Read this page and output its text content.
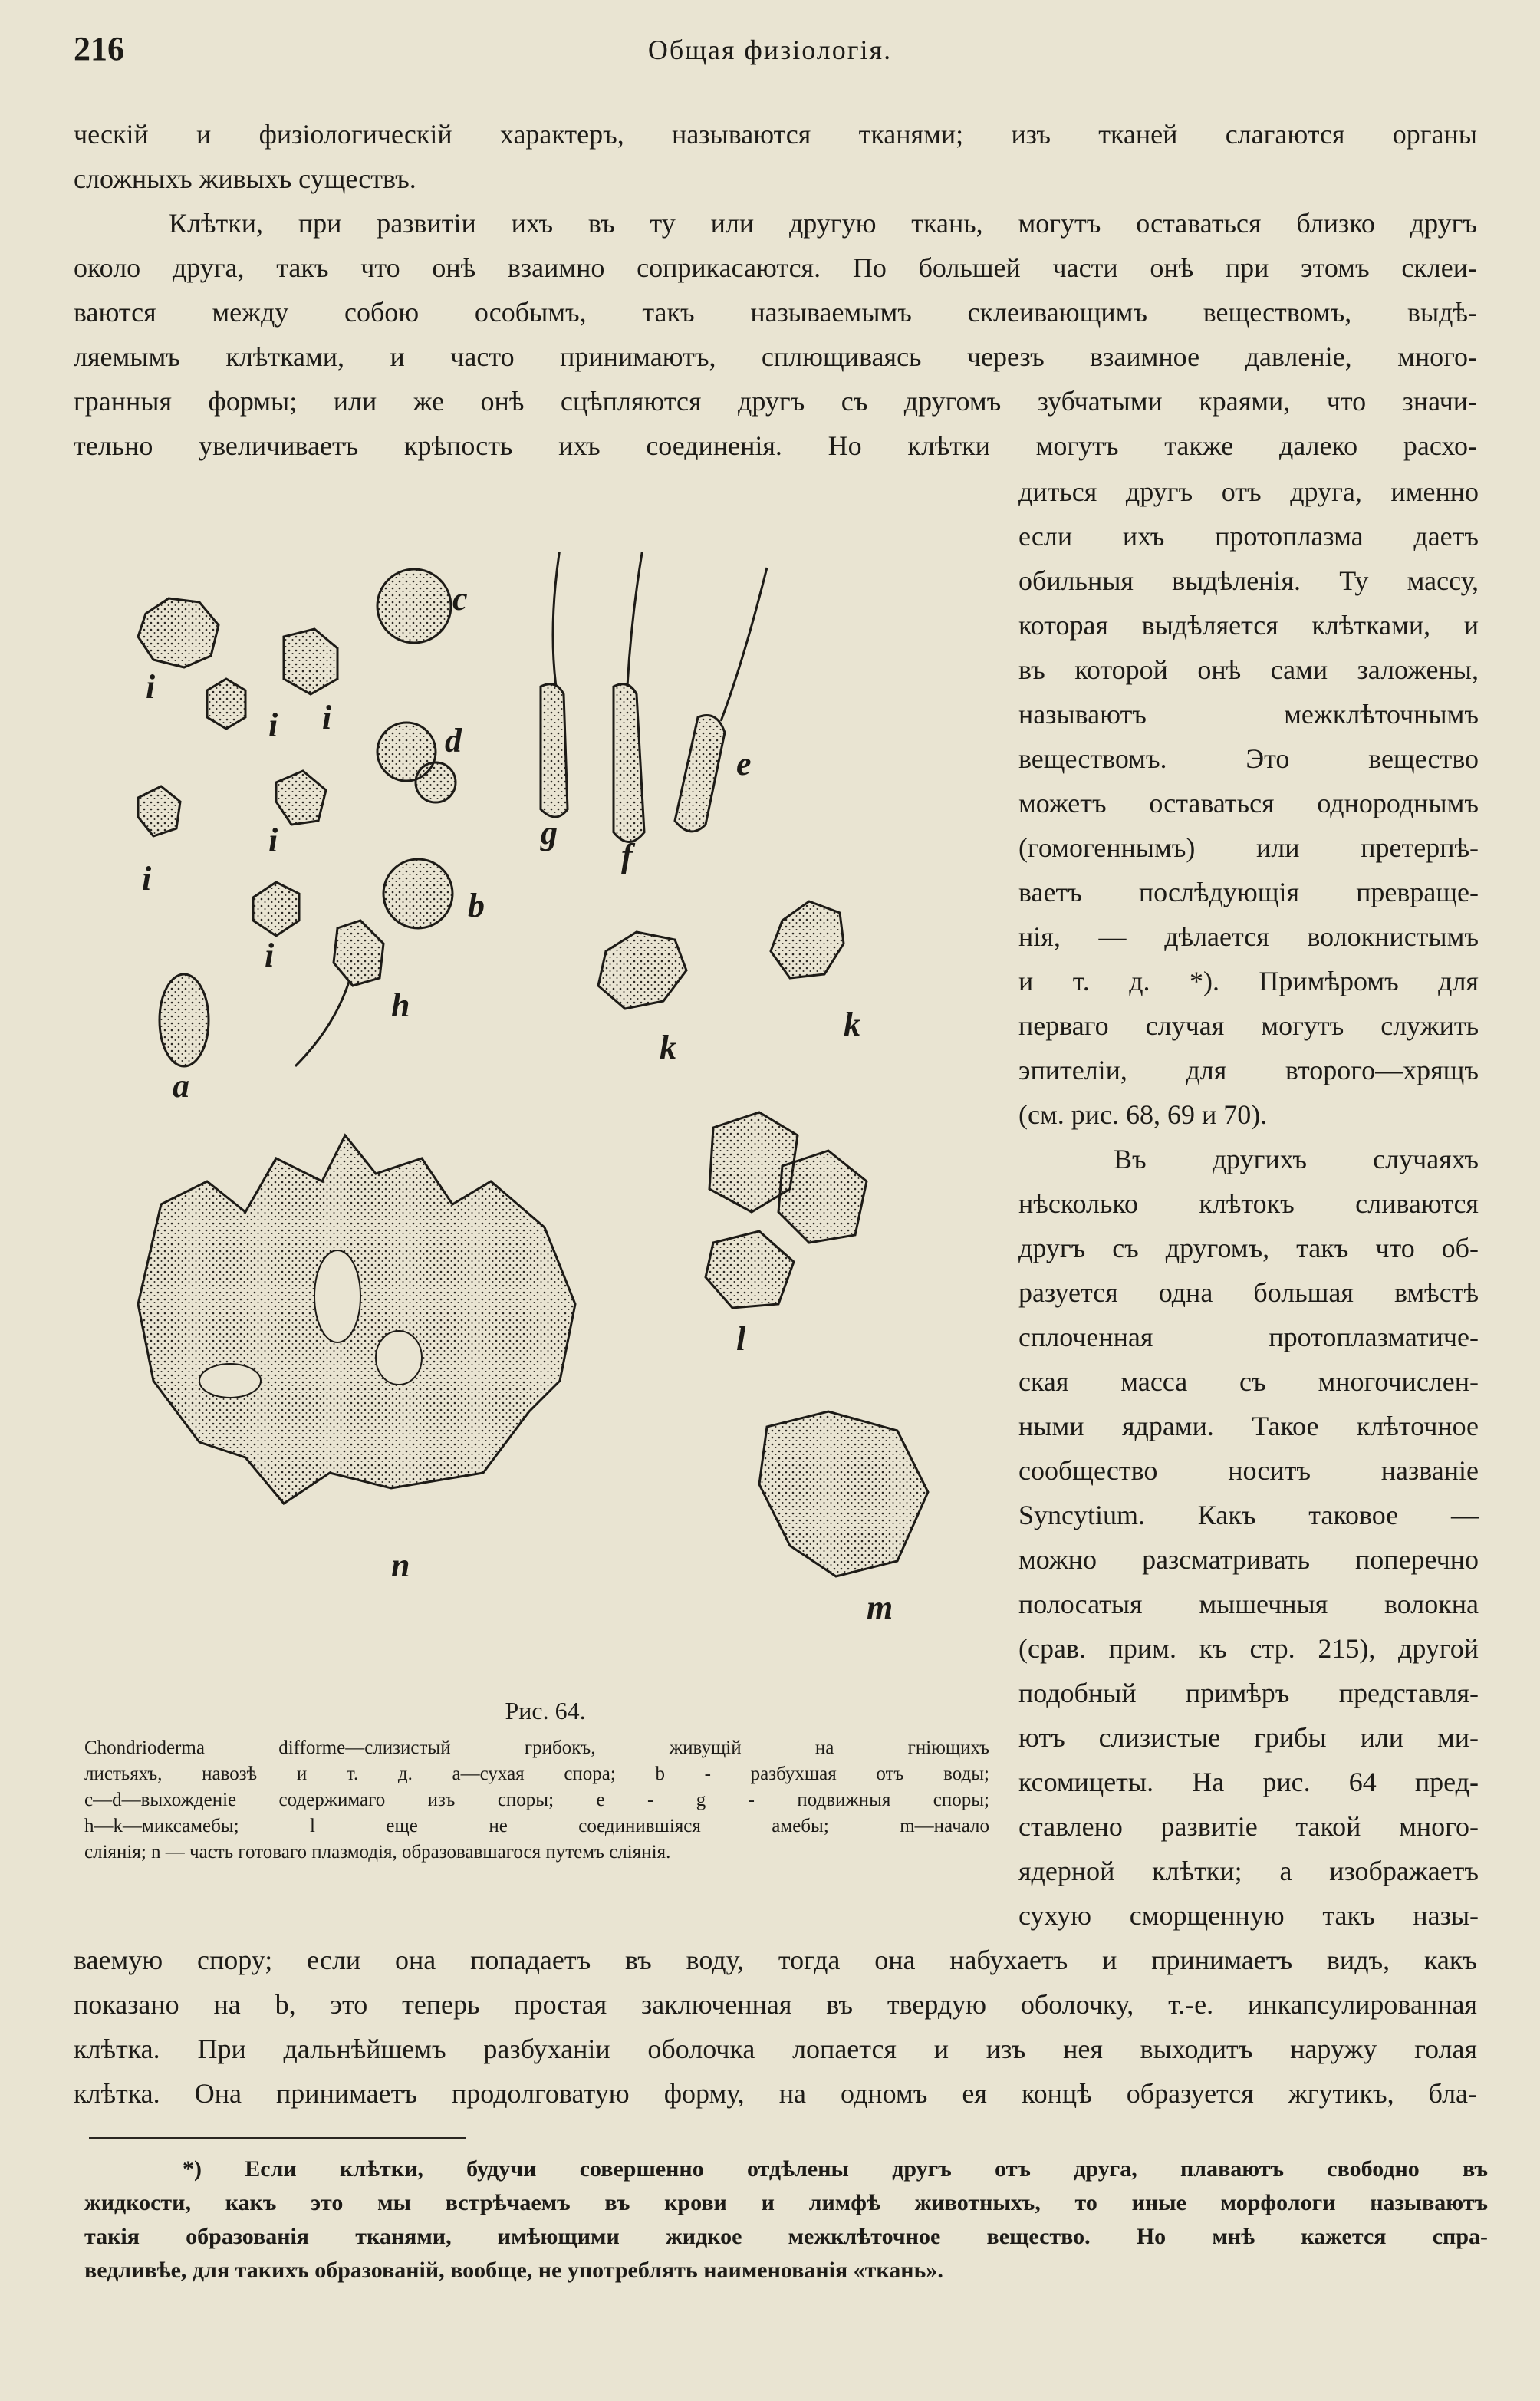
216	Общая физіологія.
ческій и физіологическій характеръ, называются тканями; изъ тканей слагаются органы
сложныхъ живыхъ существъ.
Клѣтки, при развитіи ихъ въ ту или другую ткань, могутъ оставаться близко другъ
около друга, такъ что онѣ взаимно соприкасаются. По большей части онѣ при этомъ склеи-
ваются между собою особымъ, такъ называемымъ склеивающимъ веществомъ, выдѣ-
ляемымъ клѣтками, и часто принимаютъ, сплющиваясь черезъ взаимное давленіе, много-
гранныя формы; или же онѣ сцѣпляются другъ съ другомъ зубчатыми краями, что значи-
тельно увеличиваетъ крѣпость ихъ соединенія. Но клѣтки могутъ также далеко расхо-
диться другъ отъ друга, именно
если ихъ протоплазма даетъ
обильныя выдѣленія. Ту массу,
которая выдѣляется клѣтками, и
въ которой онѣ сами заложены,
называютъ межклѣточнымъ
веществомъ. Это вещество
можетъ оставаться однороднымъ
(гомогеннымъ) или претерпѣ-
ваетъ послѣдующія превраще-
нія, — дѣлается волокнистымъ
и т. д. *). Примѣромъ для
перваго случая могутъ служить
эпителіи, для второго—хрящъ
(см. рис. 68, 69 и 70).
Въ другихъ случаяхъ
нѣсколько клѣтокъ сливаются
другъ съ другомъ, такъ что об-
разуется одна большая вмѣстѣ
сплоченная протоплазматиче-
ская масса съ многочислен-
ными ядрами. Такое клѣточное
сообщество носитъ названіе
Syncytium. Какъ таковое —
можно разсматривать поперечно
полосатыя мышечныя волокна
(срав. прим. къ стр. 215), другой
подобный примѣръ представля-
ютъ слизистые грибы или ми-
ксомицеты. На рис. 64 пред-
ставлено развитіе такой много-
ядерной клѣтки; a изображаетъ
сухую сморщенную такъ назы-
i
i i
i
i
i
c
d
b
h
a
g
f
e
k
k
l
m
n
Рис. 64.
Chondrioderma difforme—слизистый грибокъ, живущій на гніющихъ
листьяхъ, навозѣ и т. д. a—сухая спора; b - разбухшая отъ воды;
c—d—выхожденіе содержимаго изъ споры; e - g - подвижныя споры;
h—k—миксамебы; l еще не соединившіяся амебы; m—начало
сліянія; n — часть готоваго плазмодія, образовавшагося путемъ сліянія.
ваемую спору; если она попадаетъ въ воду, тогда она набухаетъ и принимаетъ видъ, какъ
показано на b, это теперь простая заключенная въ твердую оболочку, т.-е. инкапсулированная
клѣтка. При дальнѣйшемъ разбуханіи оболочка лопается и изъ нея выходитъ наружу голая
клѣтка. Она принимаетъ продолговатую форму, на одномъ ея концѣ образуется жгутикъ, бла-
*) Если клѣтки, будучи совершенно отдѣлены другъ отъ друга, плаваютъ свободно въ
жидкости, какъ это мы встрѣчаемъ въ крови и лимфѣ животныхъ, то иные морфологи называютъ
такія образованія тканями, имѣющими жидкое межклѣточное вещество. Но мнѣ кажется спра-
ведливѣе, для такихъ образованій, вообще, не употреблять наименованія «ткань».
